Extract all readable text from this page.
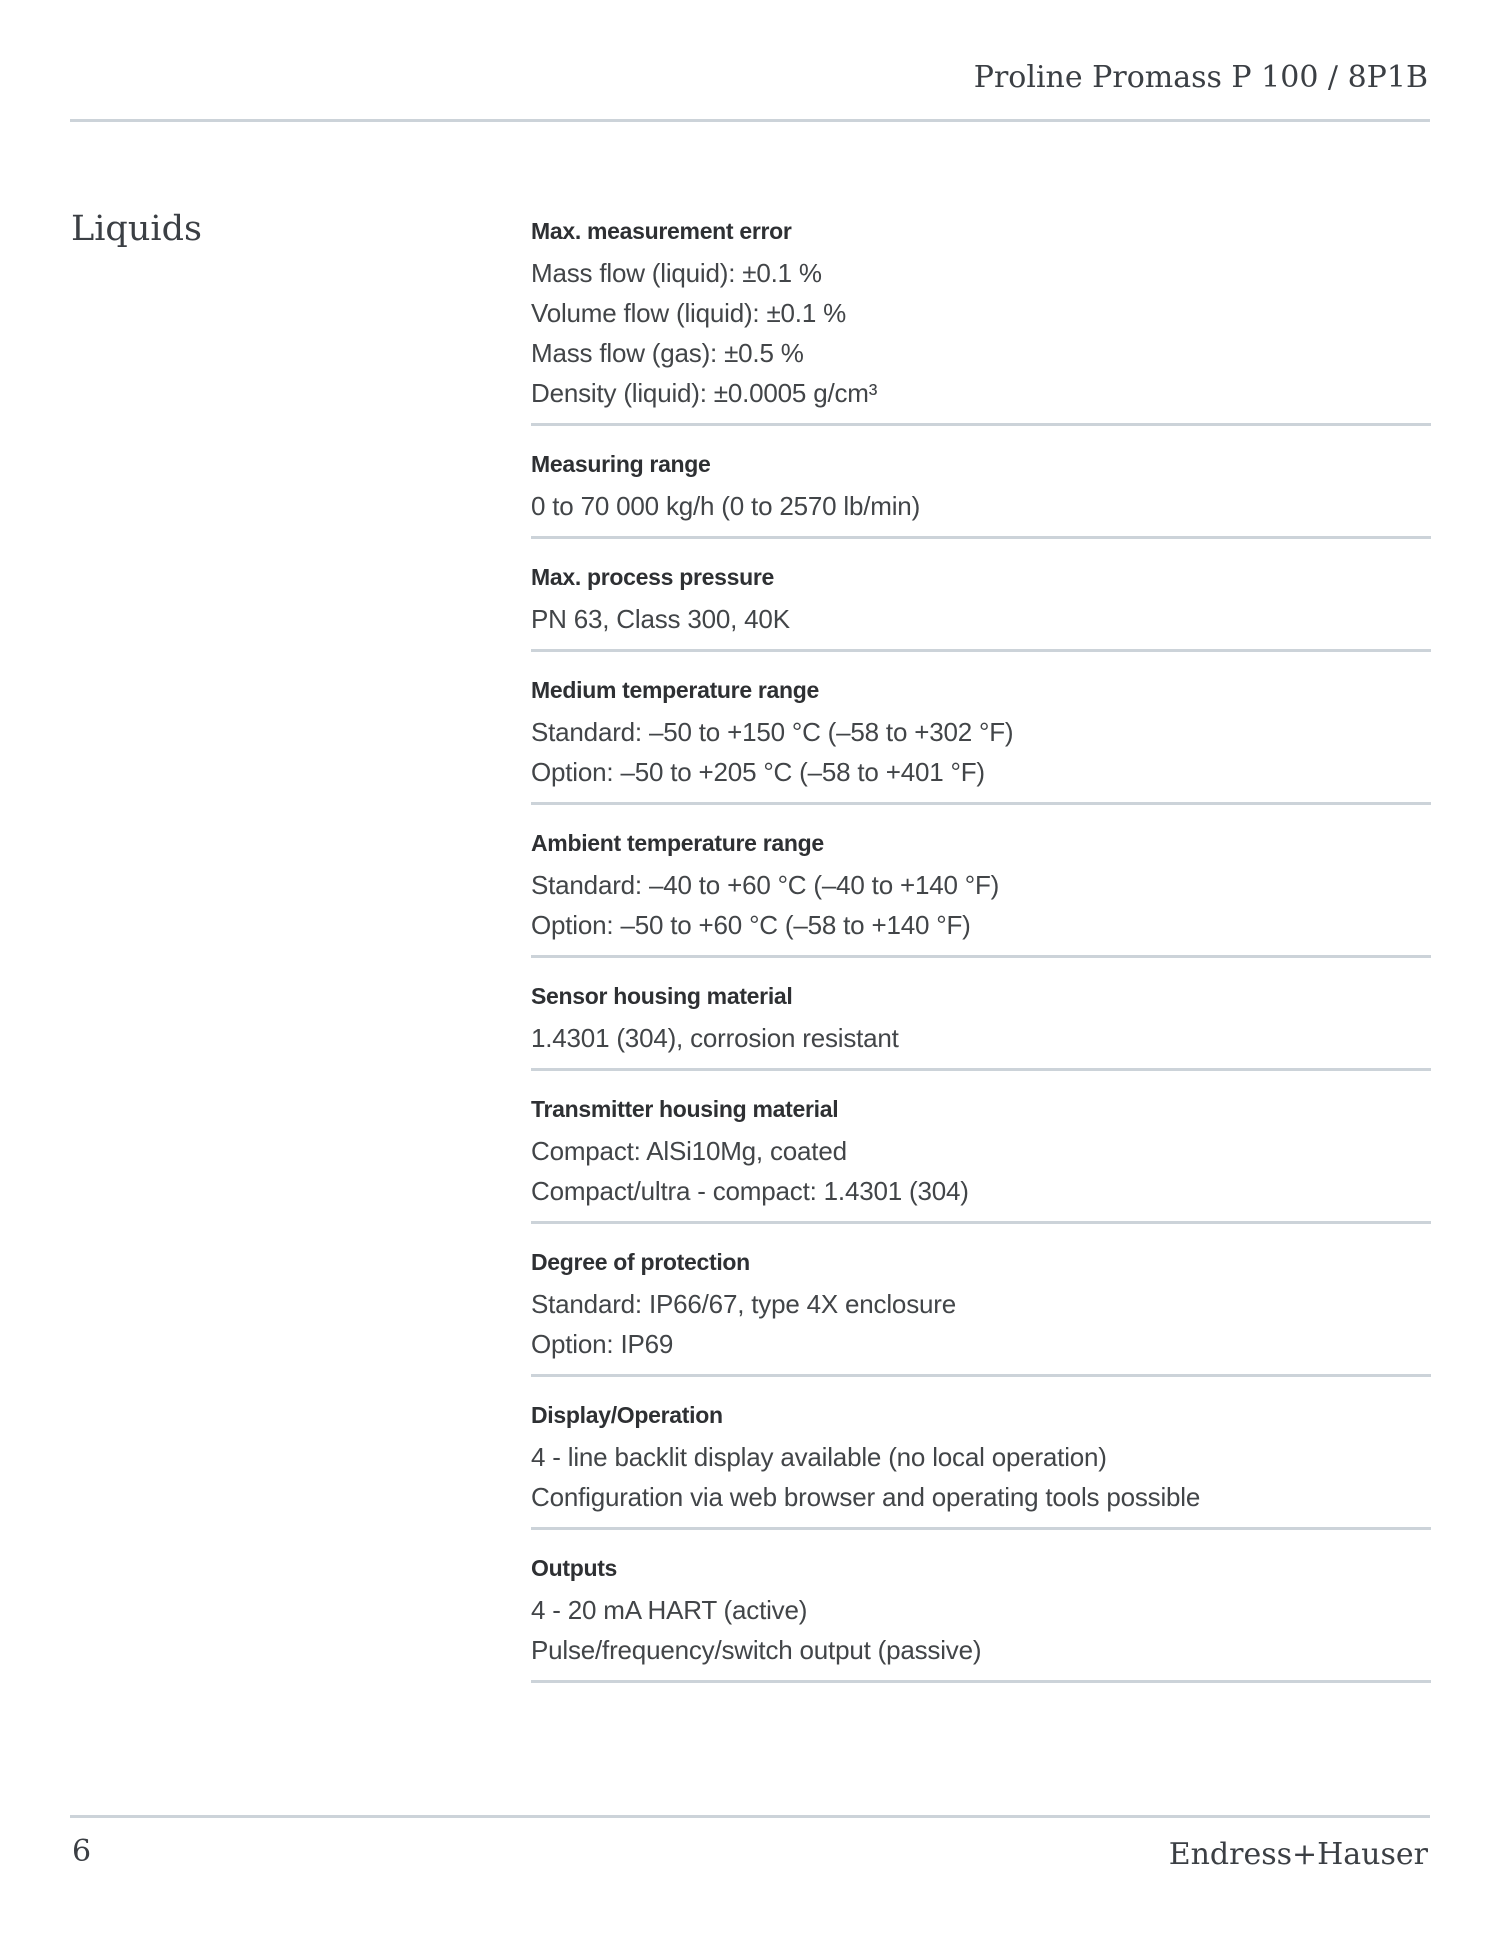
Proline Promass P 100 / 8P1B
Liquids	Max. measurement error
Mass flow (liquid): ±0.1 %
Volume flow (liquid): ±0.1 %
Mass flow (gas): ±0.5 %
Density (liquid): ±0.0005 g/cm³
Measuring range
0 to 70 000 kg/h (0 to 2570 lb/min)
Max. process pressure
PN 63, Class 300, 40K
Medium temperature range
Standard: –50 to +150 °C (–58 to +302 °F)
Option: –50 to +205 °C (–58 to +401 °F)
Ambient temperature range
Standard: –40 to +60 °C (–40 to +140 °F)
Option: –50 to +60 °C (–58 to +140 °F)
Sensor housing material
1.4301 (304), corrosion resistant
Transmitter housing material
Compact: AlSi10Mg, coated
Compact/ultra - compact: 1.4301 (304)
Degree of protection
Standard: IP66/67, type 4X enclosure
Option: IP69
Display/Operation
4 - line backlit display available (no local operation)
Configuration via web browser and operating tools possible
Outputs
4 - 20 mA HART (active)
Pulse/frequency/switch output (passive)
6	Endress+Hauser
